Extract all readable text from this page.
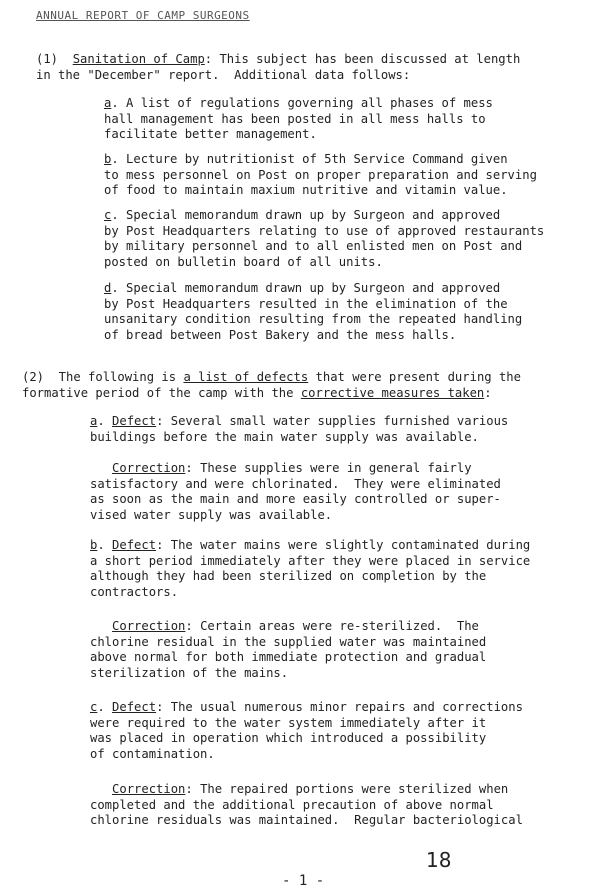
ANNUAL REPORT OF CAMP SURGEONS
(1) Sanitation of Camp: This subject has been discussed at length
in the "December" report.  Additional data follows:
a. A list of regulations governing all phases of mess
hall management has been posted in all mess halls to
facilitate better management.
b. Lecture by nutritionist of 5th Service Command given
to mess personnel on Post on proper preparation and serving
of food to maintain maxium nutritive and vitamin value.
c. Special memorandum drawn up by Surgeon and approved
by Post Headquarters relating to use of approved restaurants
by military personnel and to all enlisted men on Post and
posted on bulletin board of all units.
d. Special memorandum drawn up by Surgeon and approved
by Post Headquarters resulted in the elimination of the
unsanitary condition resulting from the repeated handling
of bread between Post Bakery and the mess halls.
(2)  The following is a list of defects that were present during the
formative period of the camp with the corrective measures taken:
a. Defect: Several small water supplies furnished various
buildings before the main water supply was available.
Correction: These supplies were in general fairly
satisfactory and were chlorinated.  They were eliminated
as soon as the main and more easily controlled or super-
vised water supply was available.
b. Defect: The water mains were slightly contaminated during
a short period immediately after they were placed in service
although they had been sterilized on completion by the
contractors.
Correction: Certain areas were re-sterilized.  The
chlorine residual in the supplied water was maintained
above normal for both immediate protection and gradual
sterilization of the mains.
c. Defect: The usual numerous minor repairs and corrections
were required to the water system immediately after it
was placed in operation which introduced a possibility
of contamination.
Correction: The repaired portions were sterilized when
completed and the additional precaution of above normal
chlorine residuals was maintained.  Regular bacteriological
18
- 1 -
